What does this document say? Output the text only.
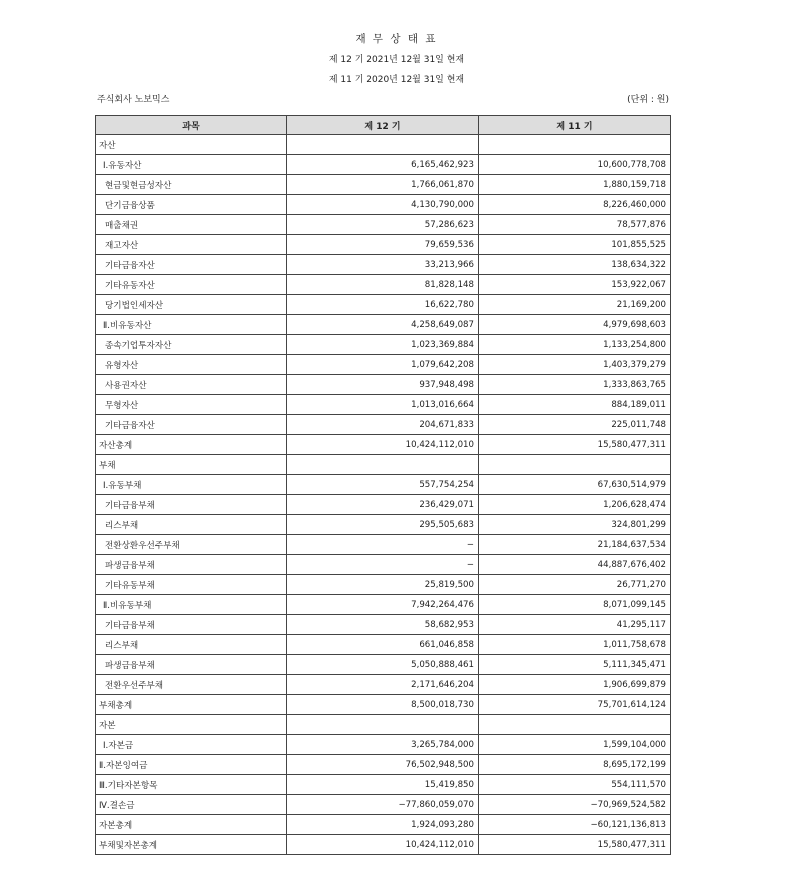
재 무 상 태 표
제 12 기 2021년 12월 31일 현재
제 11 기 2020년 12월 31일 현재
주식회사 노보믹스	(단위 : 원)
과목	제 12 기	제 11 기
자산		
Ⅰ.유동자산	6,165,462,923	10,600,778,708
현금및현금성자산	1,766,061,870	1,880,159,718
단기금융상품	4,130,790,000	8,226,460,000
매출채권	57,286,623	78,577,876
재고자산	79,659,536	101,855,525
기타금융자산	33,213,966	138,634,322
기타유동자산	81,828,148	153,922,067
당기법인세자산	16,622,780	21,169,200
Ⅱ.비유동자산	4,258,649,087	4,979,698,603
종속기업투자자산	1,023,369,884	1,133,254,800
유형자산	1,079,642,208	1,403,379,279
사용권자산	937,948,498	1,333,863,765
무형자산	1,013,016,664	884,189,011
기타금융자산	204,671,833	225,011,748
자산총계	10,424,112,010	15,580,477,311
부채		
Ⅰ.유동부채	557,754,254	67,630,514,979
기타금융부채	236,429,071	1,206,628,474
리스부채	295,505,683	324,801,299
전환상환우선주부채	−	21,184,637,534
파생금융부채	−	44,887,676,402
기타유동부채	25,819,500	26,771,270
Ⅱ.비유동부채	7,942,264,476	8,071,099,145
기타금융부채	58,682,953	41,295,117
리스부채	661,046,858	1,011,758,678
파생금융부채	5,050,888,461	5,111,345,471
전환우선주부채	2,171,646,204	1,906,699,879
부채총계	8,500,018,730	75,701,614,124
자본		
Ⅰ.자본금	3,265,784,000	1,599,104,000
Ⅱ.자본잉여금	76,502,948,500	8,695,172,199
Ⅲ.기타자본항목	15,419,850	554,111,570
Ⅳ.결손금	−77,860,059,070	−70,969,524,582
자본총계	1,924,093,280	−60,121,136,813
부채및자본총계	10,424,112,010	15,580,477,311
